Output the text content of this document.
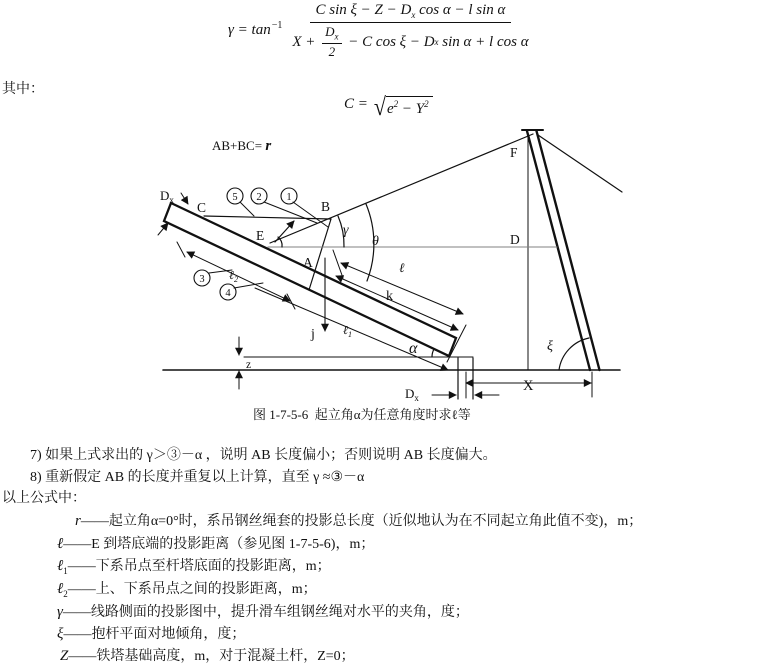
$\gamma = \tan^{-1} \frac{C \sin \xi - Z - D_x \cos \alpha - l \sin \alpha}{X + \frac{D_x}{2} - C \cos \xi - D x \sin \alpha + l \cos \alpha}$
其中：
C = √ $e^2 - Y^2$
AB+BC= r
A
B
C
D
E
F
γ
θ
α	ξ
ℓ
k
j
z
X
ℓ$_1$
ℓ$_2$
$D_x$
$D_x$
5 2 1
3
4
图 1-7-5-6  起立角α为任意角度时求ℓ等
7) 如果上式求出的 γ＞③－α ，说明 AB 长度偏小；否则说明 AB 长度偏大。
8) 重新假定 AB 的长度并重复以上计算，直至 γ ≈③－α
以上公式中：
r——起立角α=0°时，系吊钢丝绳套的投影总长度（近似地认为在不同起立角此值不变)，m；
ℓ——E 到塔底端的投影距离（参见图 1-7-5-6)，m；
ℓ$_1$——下系吊点至杆塔底面的投影距离，m；
ℓ$_2$——上、下系吊点之间的投影距离，m；
γ——线路侧面的投影图中，提升滑车组钢丝绳对水平的夹角，度；
ξ——抱杆平面对地倾角，度；
Z——铁塔基础高度，m，对于混凝土杆，Z=0；
